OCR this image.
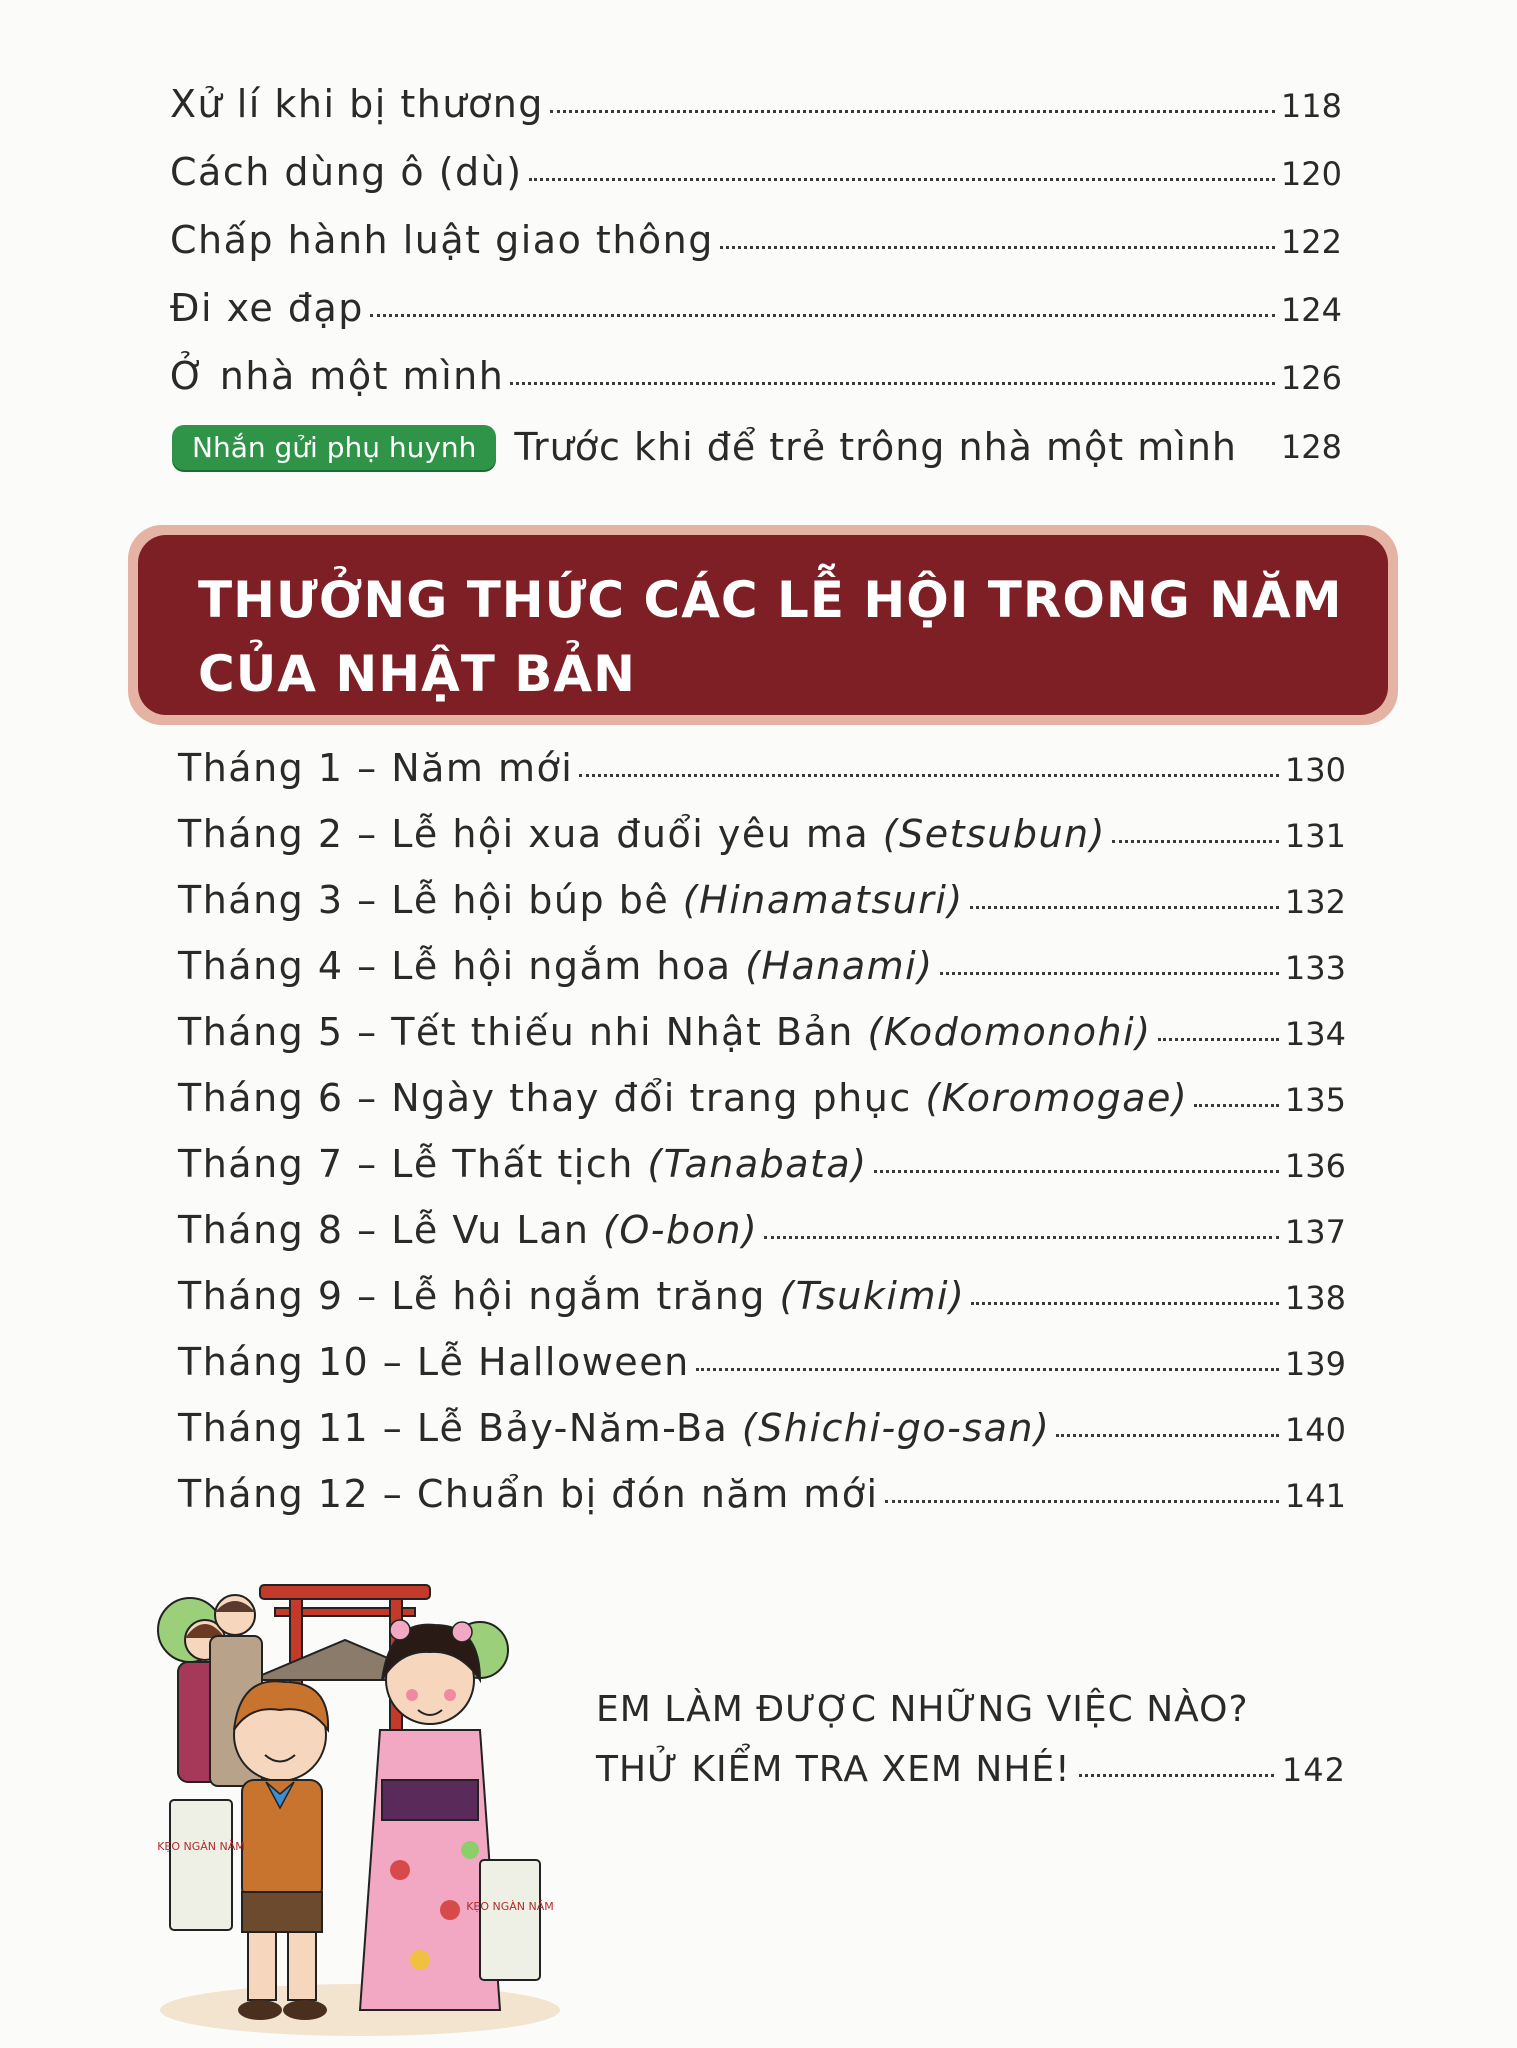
Xử lí khi bị thương	118
Cách dùng ô (dù)	120
Chấp hành luật giao thông	122
Đi xe đạp	124
Ở nhà một mình	126
Nhắn gửi phụ huynh	Trước khi để trẻ trông nhà một mình 128
THƯỞNG THỨC CÁC LỄ HỘI TRONG NĂM
CỦA NHẬT BẢN
Tháng 1 – Năm mới	130
Tháng 2 – Lễ hội xua đuổi yêu ma (Setsubun)	131
Tháng 3 – Lễ hội búp bê (Hinamatsuri)	132
Tháng 4 – Lễ hội ngắm hoa (Hanami)	133
Tháng 5 – Tết thiếu nhi Nhật Bản (Kodomonohi)	134
Tháng 6 – Ngày thay đổi trang phục (Koromogae)	135
Tháng 7 – Lễ Thất tịch (Tanabata)	136
Tháng 8 – Lễ Vu Lan (O-bon)	137
Tháng 9 – Lễ hội ngắm trăng (Tsukimi)	138
Tháng 10 – Lễ Halloween	139
Tháng 11 – Lễ Bảy-Năm-Ba (Shichi-go-san)	140
Tháng 12 – Chuẩn bị đón năm mới	141
EM LÀM ĐƯỢC NHỮNG VIỆC NÀO?
THỬ KIỂM TRA XEM NHÉ!	142
KẸO NGÀN NĂM
KẸO NGÀN NĂM
